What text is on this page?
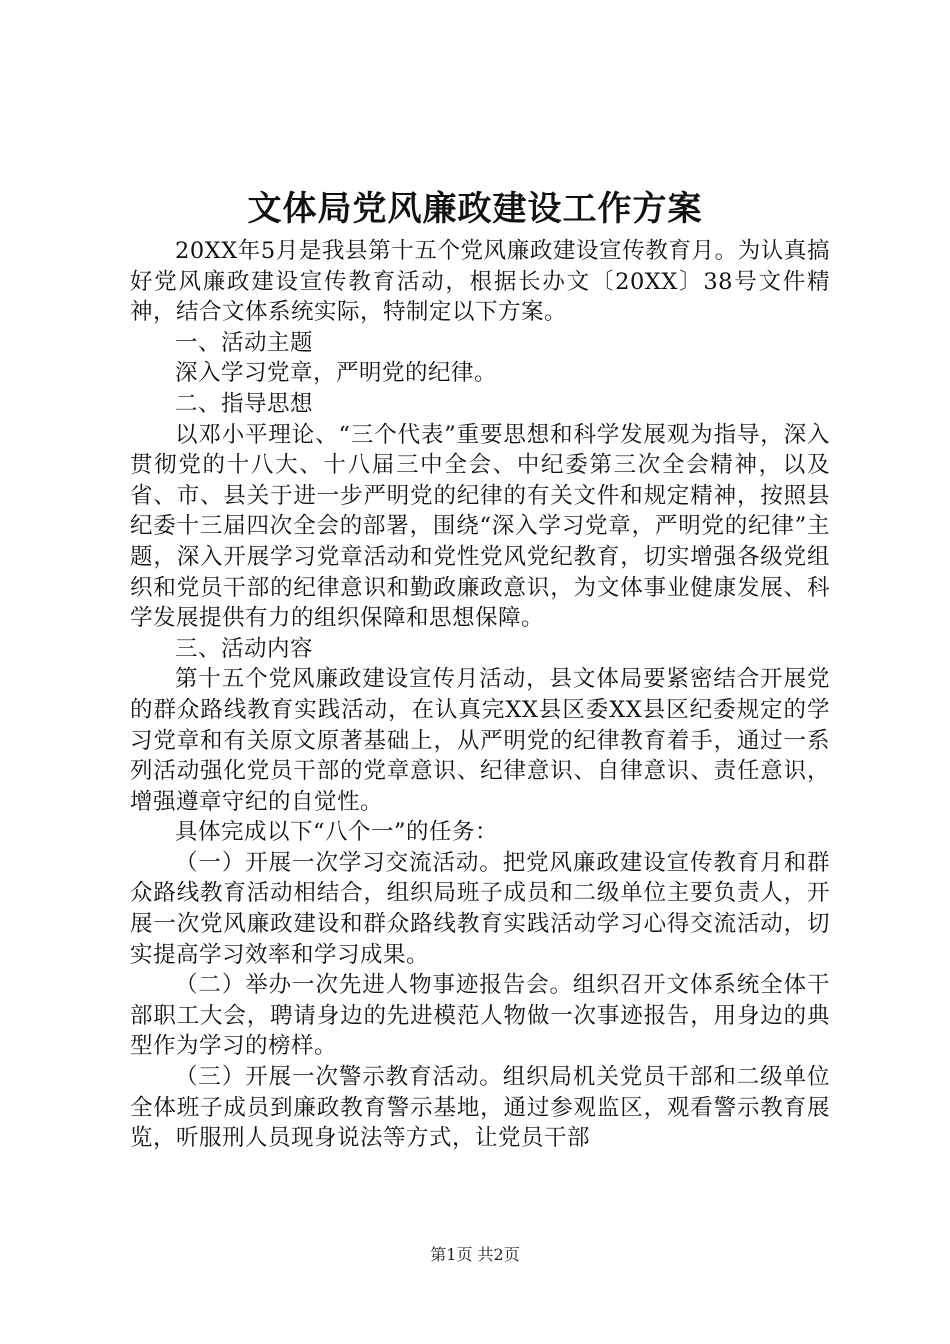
文体局党风廉政建设工作方案

20XX年5月是我县第十五个党风廉政建设宣传教育月。为认真搞好党风廉政建设宣传教育活动，根据长办文〔20XX〕38号文件精神，结合文体系统实际，特制定以下方案。

一、活动主题

深入学习党章，严明党的纪律。

二、指导思想

以邓小平理论、“三个代表”重要思想和科学发展观为指导，深入贯彻党的十八大、十八届三中全会、中纪委第三次全会精神，以及省、市、县关于进一步严明党的纪律的有关文件和规定精神，按照县纪委十三届四次全会的部署，围绕“深入学习党章，严明党的纪律”主题，深入开展学习党章活动和党性党风党纪教育，切实增强各级党组织和党员干部的纪律意识和勤政廉政意识，为文体事业健康发展、科学发展提供有力的组织保障和思想保障。

三、活动内容

第十五个党风廉政建设宣传月活动，县文体局要紧密结合开展党的群众路线教育实践活动，在认真完XX县区委XX县区纪委规定的学习党章和有关原文原著基础上，从严明党的纪律教育着手，通过一系列活动强化党员干部的党章意识、纪律意识、自律意识、责任意识，增强遵章守纪的自觉性。

具体完成以下“八个一”的任务：

（一）开展一次学习交流活动。把党风廉政建设宣传教育月和群众路线教育活动相结合，组织局班子成员和二级单位主要负责人，开展一次党风廉政建设和群众路线教育实践活动学习心得交流活动，切实提高学习效率和学习成果。

（二）举办一次先进人物事迹报告会。组织召开文体系统全体干部职工大会，聘请身边的先进模范人物做一次事迹报告，用身边的典型作为学习的榜样。

（三）开展一次警示教育活动。组织局机关党员干部和二级单位全体班子成员到廉政教育警示基地，通过参观监区，观看警示教育展览，听服刑人员现身说法等方式，让党员干部

第1页 共2页
